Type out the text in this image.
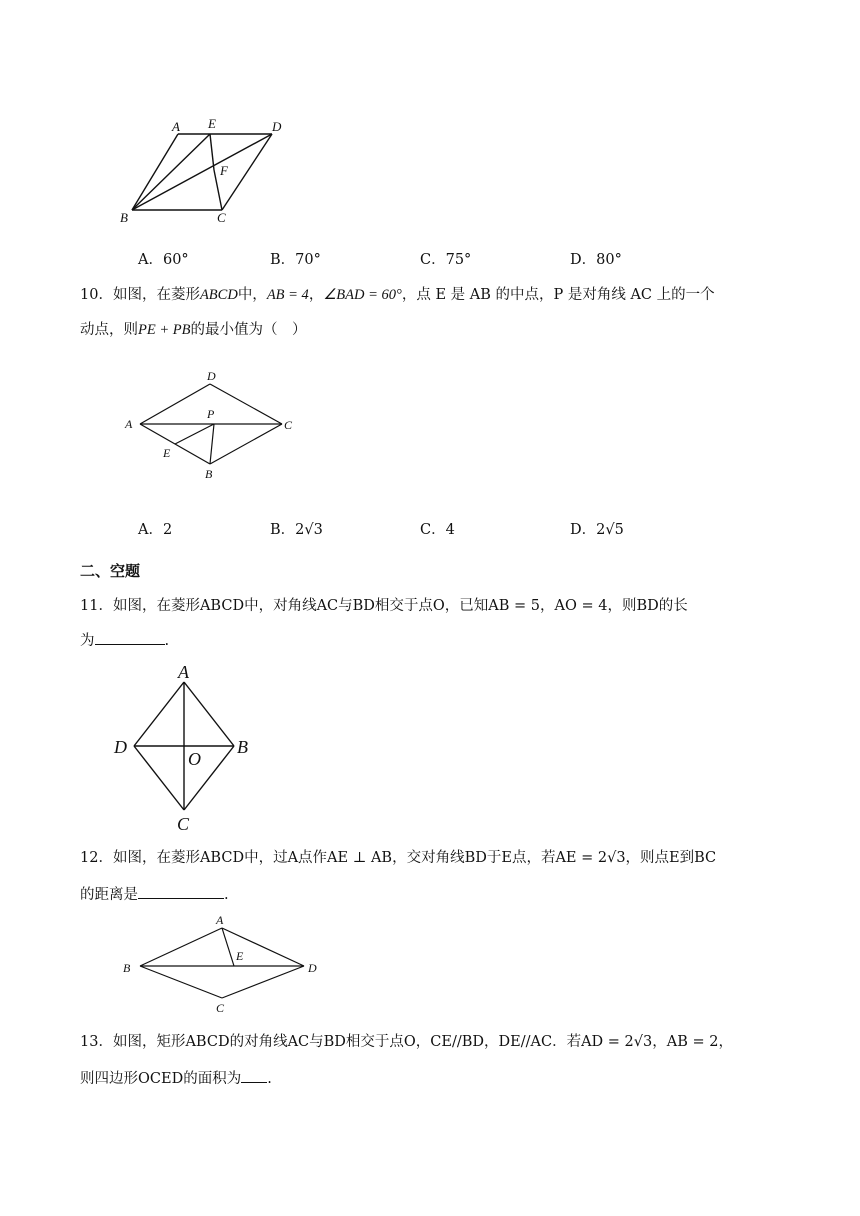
A E	D
F
B	C
A．60°	B．70°	C．75°	D．80°
10．如图，在菱形ABCD中，AB = 4，∠BAD = 60°，点 E 是 AB 的中点，P 是对角线 AC 上的一个
动点，则PE + PB的最小值为（　）
D
A
P
C
E
B
A．2	B．2√3	C．4	D．2√5
二、空题
11．如图，在菱形ABCD中，对角线AC与BD相交于点O，已知AB = 5，AO = 4，则BD的长
为	.
A
D
O
B
C
12．如图，在菱形ABCD中，过A点作AE ⊥ AB，交对角线BD于E点，若AE = 2√3，则点E到BC
的距离是	.
A
B
E
D
C
13．如图，矩形ABCD的对角线AC与BD相交于点O，CE//BD，DE//AC．若AD = 2√3，AB = 2，
则四边形OCED的面积为 .
